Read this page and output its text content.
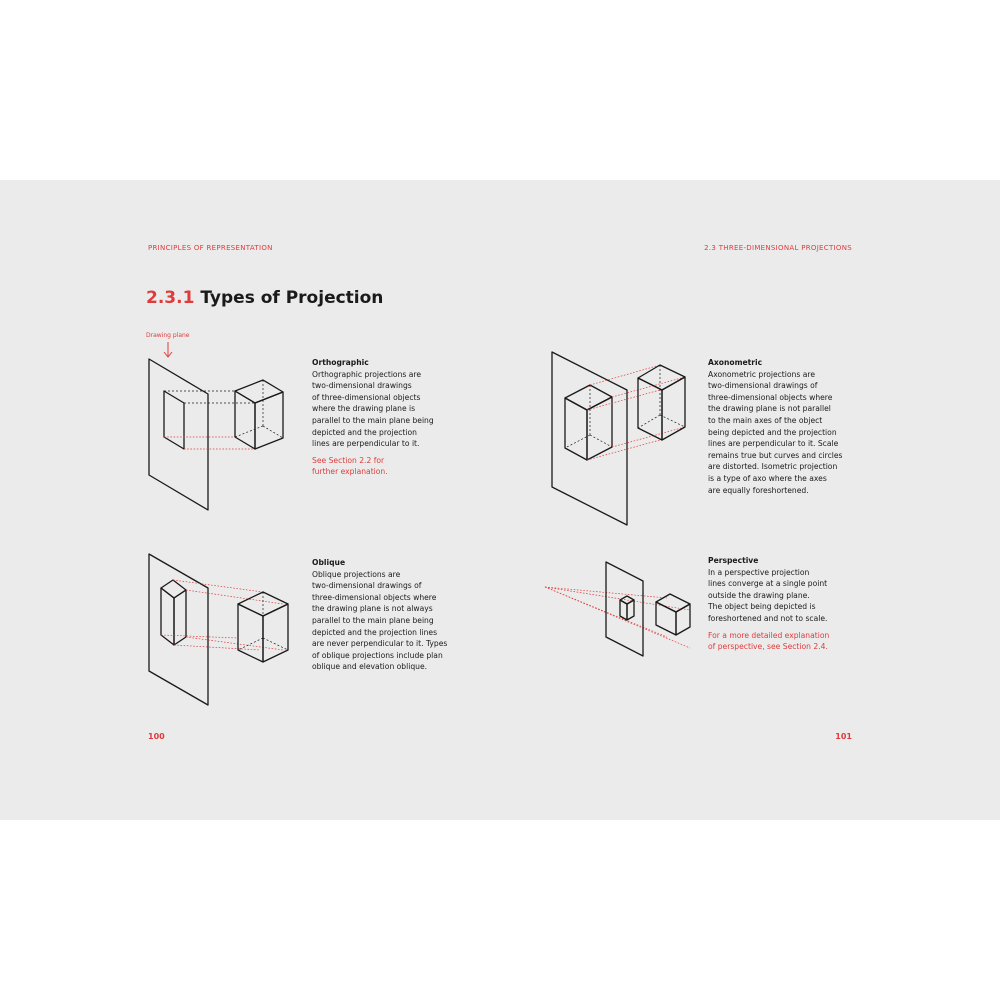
PRINCIPLES OF REPRESENTATION	2.3 THREE-DIMENSIONAL PROJECTIONS
2.3.1 Types of Projection
Drawing plane
Orthographic
Orthographic projections are
two-dimensional drawings
of three-dimensional objects
where the drawing plane is
parallel to the main plane being
depicted and the projection
lines are perpendicular to it.
See Section 2.2 for
further explanation.
Axonometric
Axonometric projections are
two-dimensional drawings of
three-dimensional objects where
the drawing plane is not parallel
to the main axes of the object
being depicted and the projection
lines are perpendicular to it. Scale
remains true but curves and circles
are distorted. Isometric projection
is a type of axo where the axes
are equally foreshortened.
Oblique
Oblique projections are
two-dimensional drawings of
three-dimensional objects where
the drawing plane is not always
parallel to the main plane being
depicted and the projection lines
are never perpendicular to it. Types
of oblique projections include plan
oblique and elevation oblique.
Perspective
In a perspective projection
lines converge at a single point
outside the drawing plane.
The object being depicted is
foreshortened and not to scale.
For a more detailed explanation
of perspective, see Section 2.4.
100	101
